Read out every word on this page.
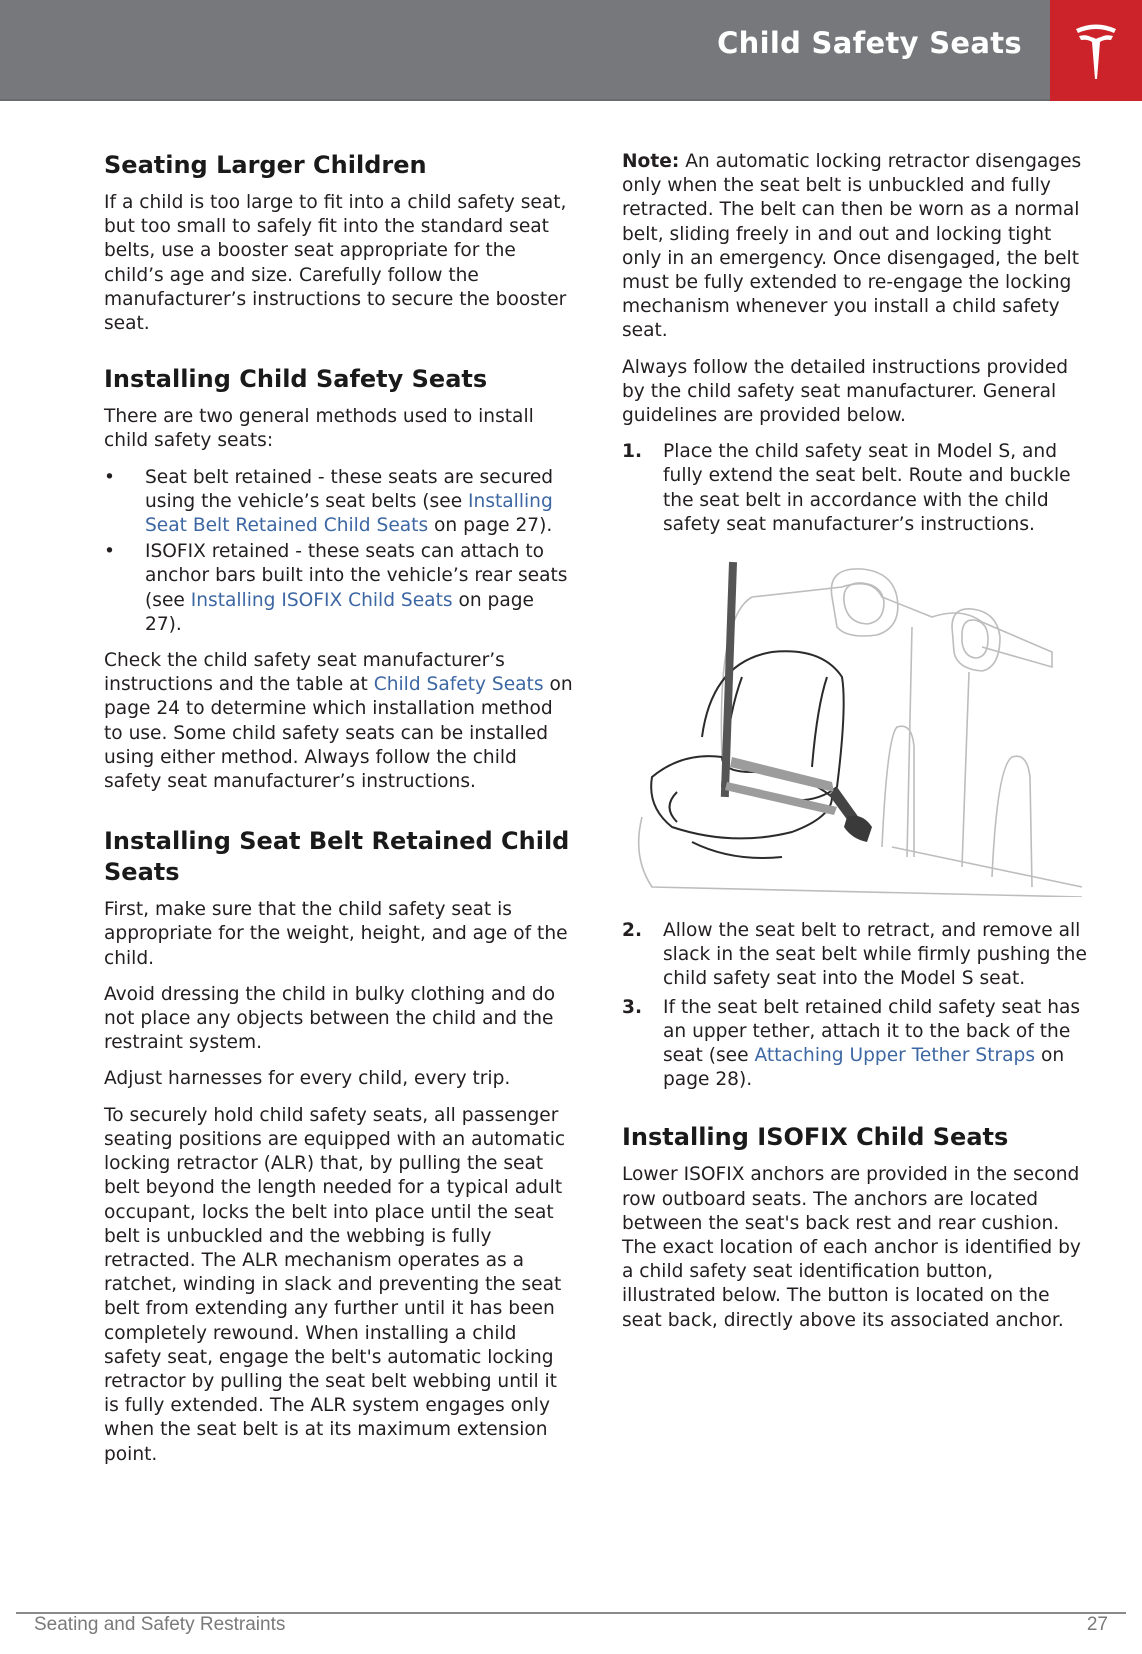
Child Safety Seats
Seating Larger Children

If a child is too large to fit into a child safety seat, but too small to safely fit into the standard seat belts, use a booster seat appropriate for the child’s age and size. Carefully follow the manufacturer’s instructions to secure the booster seat.

Installing Child Safety Seats

There are two general methods used to install child safety seats:

• Seat belt retained - these seats are secured using the vehicle’s seat belts (see Installing Seat Belt Retained Child Seats on page 27).
• ISOFIX retained - these seats can attach to anchor bars built into the vehicle’s rear seats (see Installing ISOFIX Child Seats on page 27).

Check the child safety seat manufacturer’s instructions and the table at Child Safety Seats on page 24 to determine which installation method to use. Some child safety seats can be installed using either method. Always follow the child safety seat manufacturer’s instructions.

Installing Seat Belt Retained Child Seats

First, make sure that the child safety seat is appropriate for the weight, height, and age of the child.

Avoid dressing the child in bulky clothing and do not place any objects between the child and the restraint system.

Adjust harnesses for every child, every trip.

To securely hold child safety seats, all passenger seating positions are equipped with an automatic locking retractor (ALR) that, by pulling the seat belt beyond the length needed for a typical adult occupant, locks the belt into place until the seat belt is unbuckled and the webbing is fully retracted. The ALR mechanism operates as a ratchet, winding in slack and preventing the seat belt from extending any further until it has been completely rewound. When installing a child safety seat, engage the belt's automatic locking retractor by pulling the seat belt webbing until it is fully extended. The ALR system engages only when the seat belt is at its maximum extension point.

Note: An automatic locking retractor disengages only when the seat belt is unbuckled and fully retracted. The belt can then be worn as a normal belt, sliding freely in and out and locking tight only in an emergency. Once disengaged, the belt must be fully extended to re-engage the locking mechanism whenever you install a child safety seat.

Always follow the detailed instructions provided by the child safety seat manufacturer. General guidelines are provided below.

1. Place the child safety seat in Model S, and fully extend the seat belt. Route and buckle the seat belt in accordance with the child safety seat manufacturer’s instructions.
2. Allow the seat belt to retract, and remove all slack in the seat belt while firmly pushing the child safety seat into the Model S seat.
3. If the seat belt retained child safety seat has an upper tether, attach it to the back of the seat (see Attaching Upper Tether Straps on page 28).
Installing ISOFIX Child Seats

Lower ISOFIX anchors are provided in the second row outboard seats. The anchors are located between the seat's back rest and rear cushion. The exact location of each anchor is identified by a child safety seat identification button, illustrated below. The button is located on the seat back, directly above its associated anchor.

Seating and Safety Restraints	27
